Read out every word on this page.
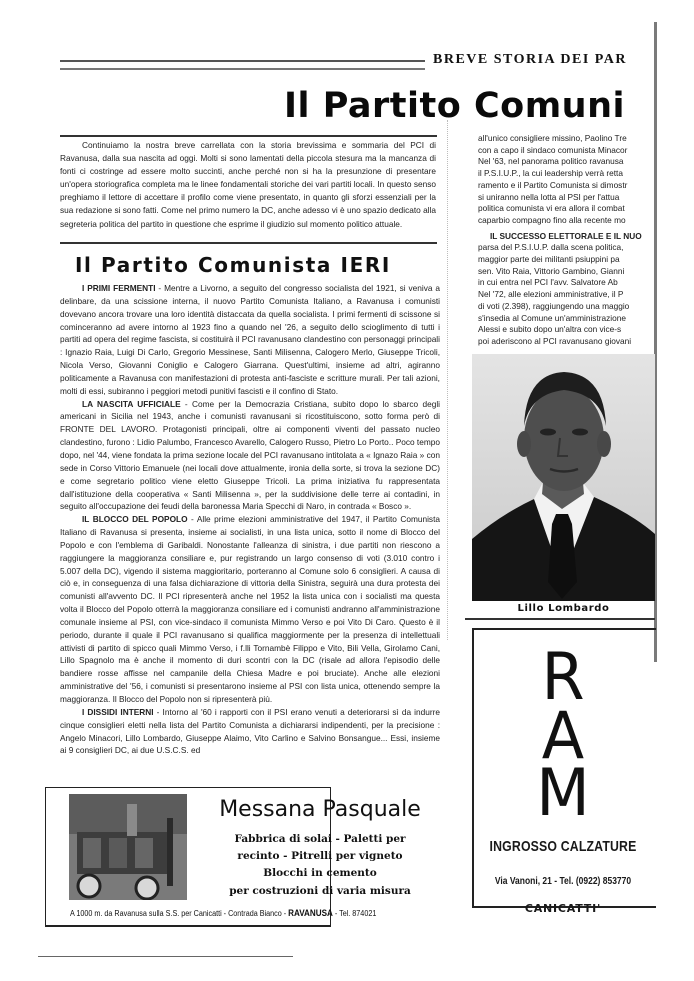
BREVE STORIA DEI PAR
Il Partito Comuni
Continuiamo la nostra breve carrellata con la storia brevissima e sommaria del PCI di Ravanusa, dalla sua nascita ad oggi. Molti si sono lamentati della piccola stesura ma la mancanza di fonti ci costringe ad essere molto succinti, anche perché non si ha la presunzione di presentare un'opera storiografica completa ma le linee fondamentali storiche dei vari partiti locali. In questo senso preghiamo il lettore di accettare il profilo come viene presentato, in quanto gli sforzi essenziali per la sua redazione si sono fatti. Come nel primo numero la DC, anche adesso vi è uno spazio dedicato alla segreteria politica del partito in questione che esprime il giudizio sul momento politico attuale.
Il Partito Comunista IERI

I PRIMI FERMENTI - Mentre a Livorno, a seguito del congresso socialista del 1921, si veniva a delinbare, da una scissione interna, il nuovo Partito Comunista Italiano, a Ravanusa i comunisti dovevano ancora trovare una loro identità distaccata da quella socialista. I primi fermenti di scissone si cominceranno ad avere intorno al 1923 fino a quando nel '26, a seguito dello scioglimento di tutti i partiti ad opera del regime fascista, si costituirà il PCI ravanusano clandestino con personaggi principali : Ignazio Raia, Luigi Di Carlo, Gregorio Messinese, Santi Milisenna, Calogero Merlo, Giuseppe Tricoli, Nicola Verso, Giovanni Coniglio e Calogero Giarrana. Quest'ultimi, insieme ad altri, agiranno politicamente a Ravanusa con manifestazioni di protesta anti-fasciste e scritture murali. Per tali azioni, molti di essi, subiranno i peggiori metodi punitivi fascisti e il confino di Stato.

LA NASCITA UFFICIALE - Come per la Democrazia Cristiana, subito dopo lo sbarco degli americani in Sicilia nel 1943, anche i comunisti ravanusani si ricostituiscono, sotto forma però di FRONTE DEL LAVORO. Protagonisti principali, oltre ai componenti viventi del passato nucleo clandestino, furono : Lidio Palumbo, Francesco Avarello, Calogero Russo, Pietro Lo Porto.. Poco tempo dopo, nel '44, viene fondata la prima sezione locale del PCI ravanusano intitolata a « Ignazo Raia » con sede in Corso Vittorio Emanuele (nei locali dove attualmente, ironia della sorte, si trova la sezione DC) e come segretario politico viene eletto Giuseppe Tricoli. La prima iniziativa fu rappresentata dall'istituzione della cooperativa « Santi Milisenna », per la suddivisione delle terre ai contadini, in seguito all'occupazione dei feudi della baronessa Maria Specchi di Naro, in contrada « Bosco ».

IL BLOCCO DEL POPOLO - Alle prime elezioni amministrative del 1947, il Partito Comunista Italiano di Ravanusa si presenta, insieme ai socialisti, in una lista unica, sotto il nome di Blocco del Popolo e con l'emblema di Garibaldi. Nonostante l'alleanza di sinistra, i due partiti non riescono a raggiungere la maggioranza consiliare e, pur registrando un largo consenso di voti (3.010 contro i 5.007 della DC), vigendo il sistema maggioritario, porteranno al Comune solo 6 consiglieri. A causa di ciò e, in conseguenza di una falsa dichiarazione di vittoria della Sinistra, seguirà una dura protesta dei comunisti all'avvento DC. Il PCI ripresenterà anche nel 1952 la lista unica con i socialisti ma questa volta il Blocco del Popolo otterrà la maggioranza consiliare ed i comunisti andranno all'amministrazione comunale insieme al PSI, con vice-sindaco il comunista Mimmo Verso e poi Vito Di Caro. Questo è il periodo, durante il quale il PCI ravanusano si qualifica maggiormente per la presenza di intellettuali attivisti di partito di spicco quali Mimmo Verso, i f.lli Tornambè Filippo e Vito, Bili Vella, Girolamo Cani, Lillo Spagnolo ma è anche il momento di duri scontri con la DC (risale ad allora l'episodio delle bandiere rosse affisse nel campanile della Chiesa Madre e poi bruciate). Anche alle elezioni amministrative del '56, i comunisti si presentarono insieme al PSI con lista unica, ottenendo sempre la maggioranza. Il Blocco del Popolo non si ripresenterà più.

I DISSIDI INTERNI - Intorno al '60 i rapporti con il PSI erano venuti a deteriorarsi sì da indurre cinque consiglieri eletti nella lista del Partito Comunista a dichiararsi indipendenti, per la precisione : Angelo Minacori, Lillo Lombardo, Giuseppe Alaimo, Vito Carlino e Salvino Bonsangue... Essi, insieme ai 9 consiglieri DC, ai due U.S.C.S. ed

all'unico consigliere missino, Paolino Tre
con a capo il sindaco comunista Minacor
Nel '63, nel panorama politico ravanusa
il P.S.I.U.P., la cui leadership verrà retta
ramento e il Partito Comunista si dimostr
si uniranno nella lotta al PSI per l'attua
politica comunista vi era allora il combat
caparbio compagno fino alla recente mo
IL SUCCESSO ELETTORALE E IL NUO
parsa del P.S.I.U.P. dalla scena politica,
maggior parte dei militanti psiuppini pa
sen. Vito Raia, Vittorio Gambino, Gianni
in cui entra nel PCI l'avv. Salvatore Ab
Nel '72, alle elezioni amministrative, il P
di voti (2.398), raggiungendo una maggio
s'insedia al Comune un'amministrazione
Alessi e subito dopo un'altra con vice-s
poi aderiscono al PCI ravanusano giovani
Lillo Lombardo
R
A
M
INGROSSO CALZATURE
Via Vanoni, 21 - Tel. (0922) 853770
CANICATTI'
Messana Pasquale
Fabbrica di solai - Paletti per
recinto - Pitrelli per vigneto
Blocchi in cemento
per costruzioni di varia misura
A 1000 m. da Ravanusa sulla S.S. per Canicatti - Contrada Bianco - RAVANUSA - Tel. 874021
